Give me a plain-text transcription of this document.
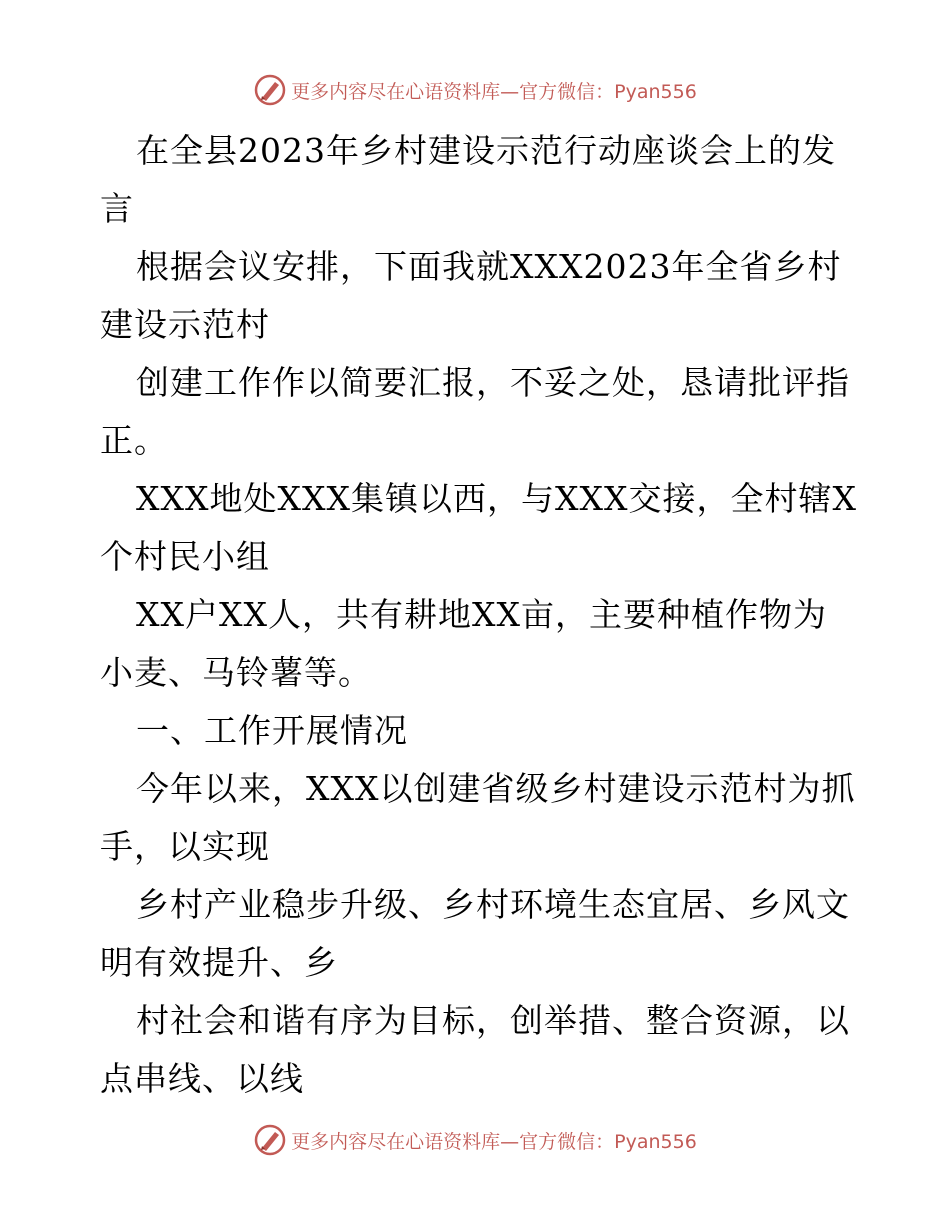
更多内容尽在心语资料库—官方微信：Pyan556

在全县2023年乡村建设示范行动座谈会上的发言

根据会议安排，下面我就XXX2023年全省乡村建设示范村

创建工作作以简要汇报，不妥之处，恳请批评指正。

XXX地处XXX集镇以西，与XXX交接，全村辖X个村民小组

XX户XX人，共有耕地XX亩，主要种植作物为小麦、马铃薯等。

一、工作开展情况

今年以来，XXX以创建省级乡村建设示范村为抓手，以实现

乡村产业稳步升级、乡村环境生态宜居、乡风文明有效提升、乡

村社会和谐有序为目标，创举措、整合资源，以点串线、以线

更多内容尽在心语资料库—官方微信：Pyan556
